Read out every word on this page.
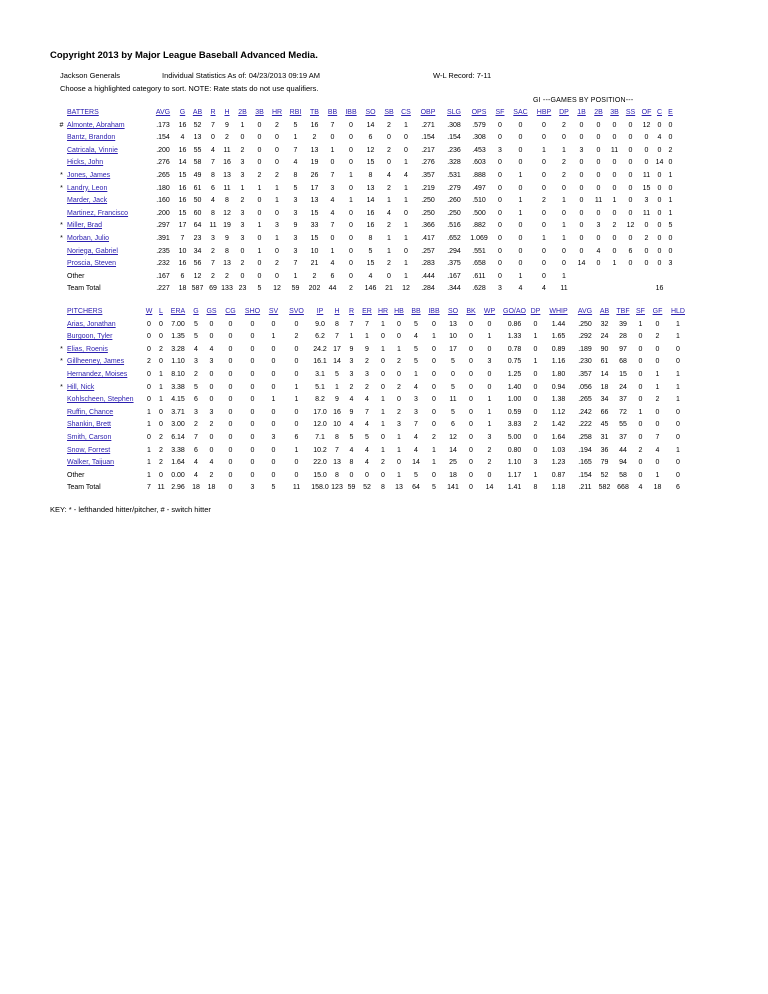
Copyright 2013 by Major League Baseball Advanced Media.
Jackson Generals	Individual Statistics As of: 04/23/2013 09:19 AM	W-L Record: 7-11
Choose a highlighted category to sort. NOTE: Rate stats do not use qualifiers.
GI ---GAMES BY POSITION---
	BATTERS	AVG	G	AB	R	H	2B	3B	HR	RBI	TB	BB	IBB	SO	SB	CS	OBP	SLG	OPS	SF	SAC	HBP	DP	1B	2B	3B	SS	OF	C	E
#	Almonte, Abraham	.173	16	52	7	9	1	0	2	5	16	7	0	14	2	1	.271	.308	.579	0	0	0	2	0	0	0	0	12	0	0
	Bantz, Brandon	.154	4	13	0	2	0	0	0	1	2	0	0	6	0	0	.154	.154	.308	0	0	0	0	0	0	0	0	0	4	0
	Catricala, Vinnie	.200	16	55	4	11	2	0	0	7	13	1	0	12	2	0	.217	.236	.453	3	0	1	1	3	0	11	0	0	0	2
	Hicks, John	.276	14	58	7	16	3	0	0	4	19	0	0	15	0	1	.276	.328	.603	0	0	0	2	0	0	0	0	0	14	0
*	Jones, James	.265	15	49	8	13	3	2	2	8	26	7	1	8	4	4	.357	.531	.888	0	1	0	2	0	0	0	0	11	0	1
*	Landry, Leon	.180	16	61	6	11	1	1	1	5	17	3	0	13	2	1	.219	.279	.497	0	0	0	0	0	0	0	0	15	0	0
	Marder, Jack	.160	16	50	4	8	2	0	1	3	13	4	1	14	1	1	.250	.260	.510	0	1	2	1	0	11	1	0	3	0	1
	Martinez, Francisco	.200	15	60	8	12	3	0	0	3	15	4	0	16	4	0	.250	.250	.500	0	1	0	0	0	0	0	0	11	0	1
*	Miller, Brad	.297	17	64	11	19	3	1	3	9	33	7	0	16	2	1	.366	.516	.882	0	0	0	1	0	3	2	12	0	0	5
*	Morban, Julio	.391	7	23	3	9	3	0	1	3	15	0	0	8	1	1	.417	.652	1.069	0	0	1	1	0	0	0	0	2	0	0
	Noriega, Gabriel	.235	10	34	2	8	0	1	0	3	10	1	0	5	1	0	.257	.294	.551	0	0	0	0	0	4	0	6	0	0	0
	Proscia, Steven	.232	16	56	7	13	2	0	2	7	21	4	0	15	2	1	.283	.375	.658	0	0	0	0	14	0	1	0	0	0	3
	Other	.167	6	12	2	2	0	0	0	1	2	6	0	4	0	1	.444	.167	.611	0	1	0	1							
	Team Total	.227	18	587	69	133	23	5	12	59	202	44	2	146	21	12	.284	.344	.628	3	4	4	11						16	
	PITCHERS	W	L	ERA	G	GS	CG	SHO	SV	SVO	IP	H	R	ER	HR	HB	BB	IBB	SO	BK	WP	GO/AO	DP	WHIP	AVG	AB	TBF	SF	GF	HLD
	Arias, Jonathan	0	0	7.00	5	0	0	0	0	0	9.0	8	7	7	1	0	5	0	13	0	0	0.86	0	1.44	.250	32	39	1	0	1
	Burgoon, Tyler	0	0	1.35	5	0	0	0	1	2	6.2	7	1	1	0	0	4	1	10	0	1	1.33	1	1.65	.292	24	28	0	2	1
*	Elias, Roenis	0	2	3.28	4	4	0	0	0	0	24.2	17	9	9	1	1	5	0	17	0	0	0.78	0	0.89	.189	90	97	0	0	0
*	Gillheeney, James	2	0	1.10	3	3	0	0	0	0	16.1	14	3	2	0	2	5	0	5	0	3	0.75	1	1.16	.230	61	68	0	0	0
	Hernandez, Moises	0	1	8.10	2	0	0	0	0	0	3.1	5	3	3	0	0	1	0	0	0	0	1.25	0	1.80	.357	14	15	0	1	1
*	Hill, Nick	0	1	3.38	5	0	0	0	0	1	5.1	1	2	2	0	2	4	0	5	0	0	1.40	0	0.94	.056	18	24	0	1	1
	Kohlscheen, Stephen	0	1	4.15	6	0	0	0	1	1	8.2	9	4	4	1	0	3	0	11	0	1	1.00	0	1.38	.265	34	37	0	2	1
	Ruffin, Chance	1	0	3.71	3	3	0	0	0	0	17.0	16	9	7	1	2	3	0	5	0	1	0.59	0	1.12	.242	66	72	1	0	0
	Shankin, Brett	1	0	3.00	2	2	0	0	0	0	12.0	10	4	4	1	3	7	0	6	0	1	3.83	2	1.42	.222	45	55	0	0	0
	Smith, Carson	0	2	6.14	7	0	0	0	3	6	7.1	8	5	5	0	1	4	2	12	0	3	5.00	0	1.64	.258	31	37	0	7	0
	Snow, Forrest	1	2	3.38	6	0	0	0	0	1	10.2	7	4	4	1	1	4	1	14	0	2	0.80	0	1.03	.194	36	44	2	4	1
	Walker, Taijuan	1	2	1.64	4	4	0	0	0	0	22.0	13	8	4	2	0	14	1	25	0	2	1.10	3	1.23	.165	79	94	0	0	0
	Other	1	0	0.00	4	2	0	0	0	0	15.0	8	0	0	0	1	5	0	18	0	0	1.17	1	0.87	.154	52	58	0	1	0
	Team Total	7	11	2.96	18	18	0	3	5	11	158.0	123	59	52	8	13	64	5	141	0	14	1.41	8	1.18	.211	582	668	4	18	6
KEY: * - lefthanded hitter/pitcher, # - switch hitter
